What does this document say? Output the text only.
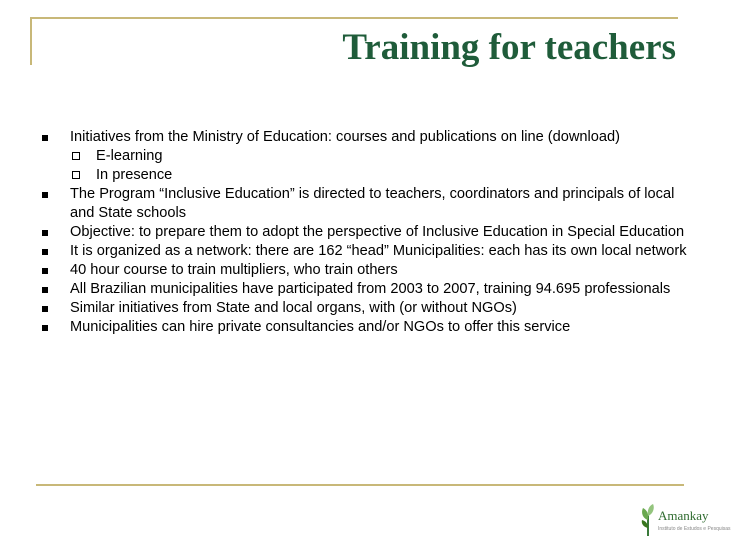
Training for teachers
Initiatives from the Ministry of Education: courses and publications on line (download)
E-learning
In presence
The Program “Inclusive Education” is directed to teachers, coordinators and principals of local and State schools
Objective: to prepare them to adopt the perspective of Inclusive Education in Special Education
It is organized as a network: there are 162 “head” Municipalities: each has its own local network
40 hour course to train multipliers, who train others
All Brazilian municipalities have participated from 2003 to 2007, training 94.695 professionals
Similar initiatives from State and local organs, with (or without NGOs)
Municipalities can hire private consultancies and/or NGOs to offer this service
Amankay
Instituto de Estudos e Pesquisas
